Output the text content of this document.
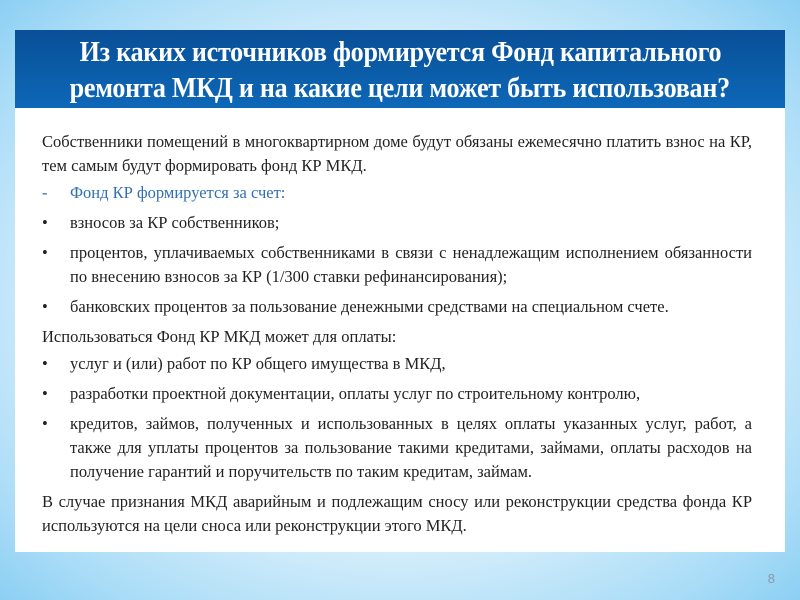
Из каких источников формируется Фонд капитального
ремонта МКД и на какие цели может быть использован?

Собственники помещений в многоквартирном доме будут обязаны ежемесячно платить взнос на КР, тем самым будут формировать фонд КР МКД.

-	Фонд КР формируется за счет:
•	взносов за КР собственников;
•	процентов, уплачиваемых собственниками в связи с ненадлежащим исполнением обязанности по внесению взносов за КР (1/300 ставки рефинансирования);
•	банковских процентов за пользование денежными средствами на специальном счете.

Использоваться Фонд КР МКД может для оплаты:

•	услуг и (или) работ по КР общего имущества в МКД,
•	разработки проектной документации, оплаты услуг по строительному контролю,
•	кредитов, займов, полученных и использованных в целях оплаты указанных услуг, работ, а также для уплаты процентов за пользование такими кредитами, займами, оплаты расходов на получение гарантий и поручительств по таким кредитам, займам.

В случае признания МКД аварийным и подлежащим сносу или реконструкции средства фонда КР используются на цели сноса или реконструкции этого МКД.

8
